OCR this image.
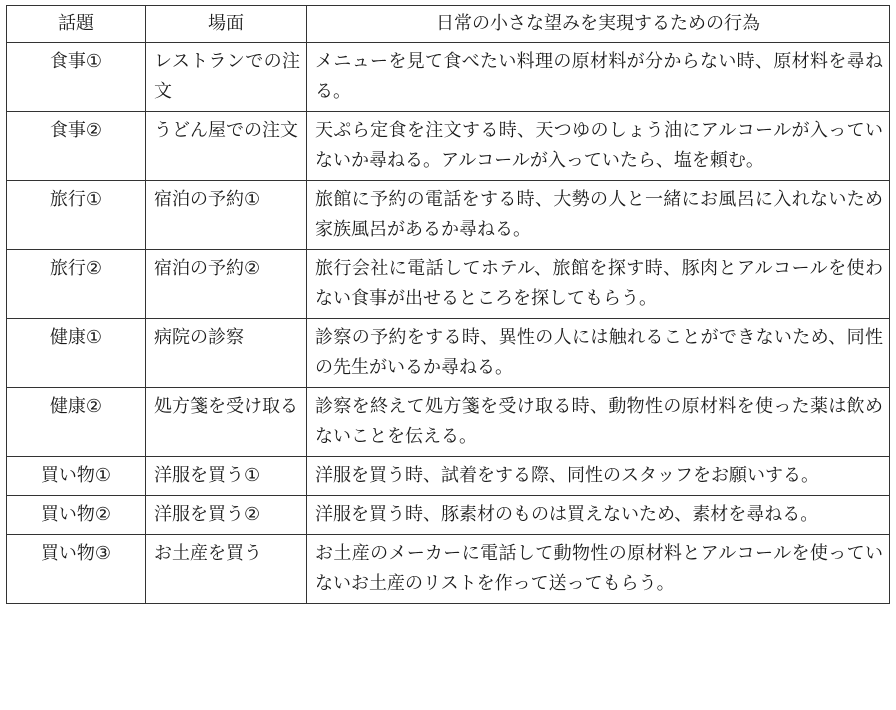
話題	場面	日常の小さな望みを実現するための行為
食事①	レストランでの注文	メニューを見て食べたい料理の原材料が分からない時、原材料を尋ねる。
食事②	うどん屋での注文	天ぷら定食を注文する時、天つゆのしょう油にアルコールが入っていないか尋ねる。アルコールが入っていたら、塩を頼む。
旅行①	宿泊の予約①	旅館に予約の電話をする時、大勢の人と一緒にお風呂に入れないため家族風呂があるか尋ねる。
旅行②	宿泊の予約②	旅行会社に電話してホテル、旅館を探す時、豚肉とアルコールを使わない食事が出せるところを探してもらう。
健康①	病院の診察	診察の予約をする時、異性の人には触れることができないため、同性の先生がいるか尋ねる。
健康②	処方箋を受け取る	診察を終えて処方箋を受け取る時、動物性の原材料を使った薬は飲めないことを伝える。
買い物①	洋服を買う①	洋服を買う時、試着をする際、同性のスタッフをお願いする。
買い物②	洋服を買う②	洋服を買う時、豚素材のものは買えないため、素材を尋ねる。
買い物③	お土産を買う	お土産のメーカーに電話して動物性の原材料とアルコールを使っていないお土産のリストを作って送ってもらう。
